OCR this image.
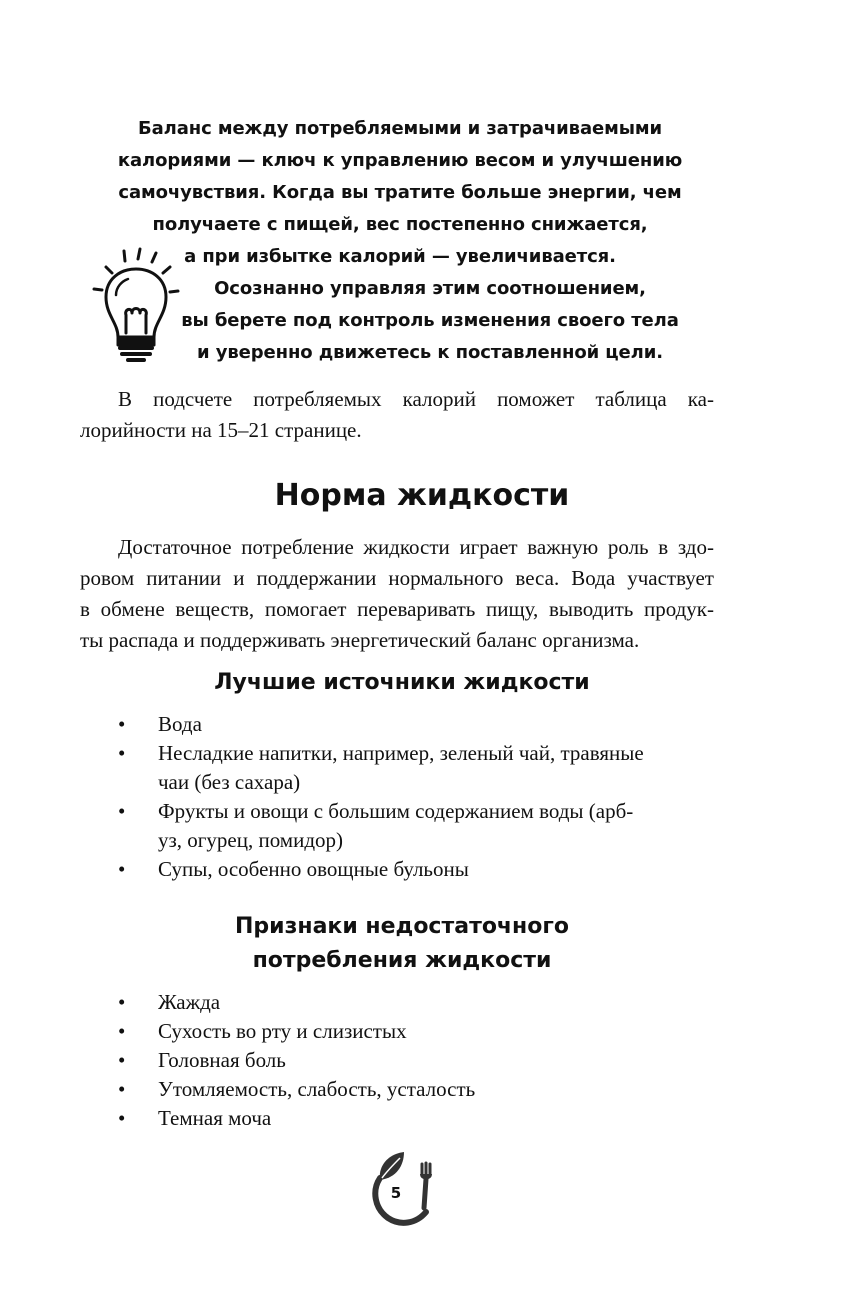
Баланс между потребляемыми и затрачиваемыми
калориями — ключ к управлению весом и улучшению
самочувствия. Когда вы тратите больше энергии, чем
получаете с пищей, вес постепенно снижается,
а при избытке калорий — увеличивается.
Осознанно управляя этим соотношением,
вы берете под контроль изменения своего тела
и уверенно движетесь к поставленной цели.
В подсчете потребляемых калорий поможет таблица ка-
лорийности на 15–21 странице.
Норма жидкости
Достаточное потребление жидкости играет важную роль в здо-
ровом питании и поддержании нормального веса. Вода участвует
в обмене веществ, помогает переваривать пищу, выводить продук-
ты распада и поддерживать энергетический баланс организма.
Лучшие источники жидкости
• Вода
• Несладкие напитки, например, зеленый чай, травяные
чаи (без сахара)
• Фрукты и овощи с большим содержанием воды (арб-
уз, огурец, помидор)
• Супы, особенно овощные бульоны
Признаки недостаточного
потребления жидкости
• Жажда
• Сухость во рту и слизистых
• Головная боль
• Утомляемость, слабость, усталость
• Темная моча
5
